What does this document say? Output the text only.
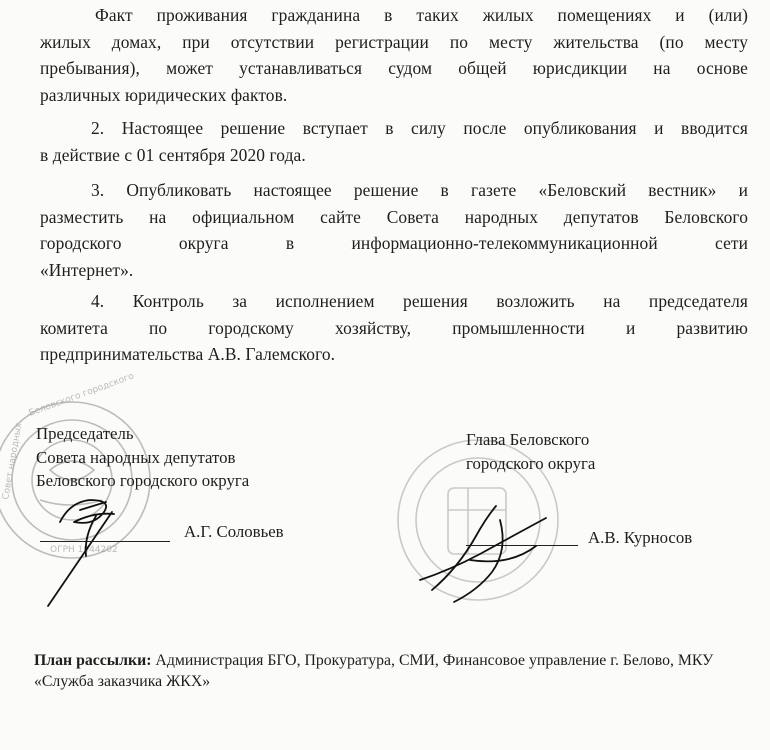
Факт проживания гражданина в таких жилых помещениях и (или)
жилых домах, при отсутствии регистрации по месту жительства (по месту
пребывания), может устанавливаться судом общей юрисдикции на основе
различных юридических фактов.
2. Настоящее решение вступает в силу после опубликования и вводится
в действие с 01 сентября 2020 года.
3. Опубликовать настоящее решение в газете «Беловский вестник» и
разместить на официальном сайте Совета народных депутатов Беловского
городского округа в информационно-телекоммуникационной сети
«Интернет».
4. Контроль за исполнением решения возложить на председателя
комитета по городскому хозяйству, промышленности и развитию
предпринимательства А.В. Галемского.
Беловского городского
Совет народных
ОГРН 1044202
Председатель
Совета народных депутатов
Беловского городского округа
А.Г. Соловьев
Глава Беловского
городского округа
А.В. Курносов
План рассылки: Администрация БГО, Прокуратура, СМИ, Финансовое управление г. Белово, МКУ «Служба заказчика ЖКХ»
